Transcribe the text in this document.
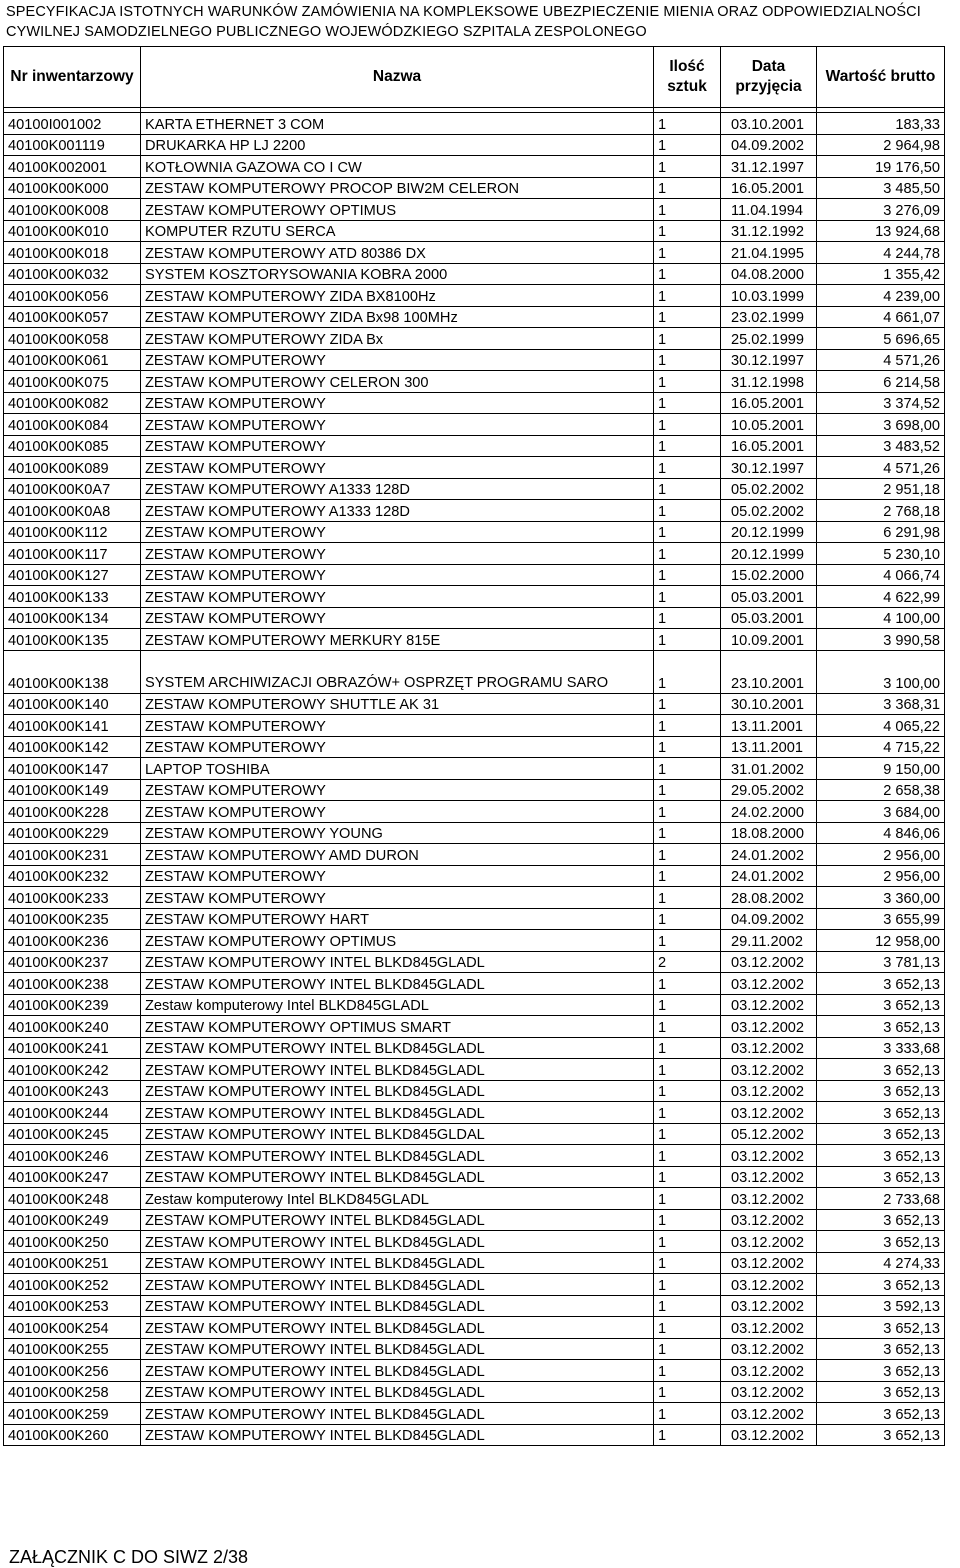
SPECYFIKACJA ISTOTNYCH WARUNKÓW ZAMÓWIENIA NA KOMPLEKSOWE UBEZPIECZENIE MIENIA ORAZ ODPOWIEDZIALNOŚCI
CYWILNEJ SAMODZIELNEGO PUBLICZNEGO WOJEWÓDZKIEGO SZPITALA ZESPOLONEGO
Nr inwentarzowy	Nazwa	Ilość sztuk	Data przyjęcia	Wartość brutto

40100I001002	KARTA ETHERNET 3 COM	1	03.10.2001	183,33
40100K001119	DRUKARKA HP LJ 2200	1	04.09.2002	2 964,98
40100K002001	KOTŁOWNIA GAZOWA CO I CW	1	31.12.1997	19 176,50
40100K00K000	ZESTAW KOMPUTEROWY PROCOP BIW2M CELERON	1	16.05.2001	3 485,50
40100K00K008	ZESTAW KOMPUTEROWY OPTIMUS	1	11.04.1994	3 276,09
40100K00K010	KOMPUTER RZUTU SERCA	1	31.12.1992	13 924,68
40100K00K018	ZESTAW KOMPUTEROWY ATD 80386 DX	1	21.04.1995	4 244,78
40100K00K032	SYSTEM KOSZTORYSOWANIA KOBRA 2000	1	04.08.2000	1 355,42
40100K00K056	ZESTAW KOMPUTEROWY ZIDA BX8100Hz	1	10.03.1999	4 239,00
40100K00K057	ZESTAW KOMPUTEROWY ZIDA Bx98 100MHz	1	23.02.1999	4 661,07
40100K00K058	ZESTAW KOMPUTEROWY ZIDA Bx	1	25.02.1999	5 696,65
40100K00K061	ZESTAW KOMPUTEROWY	1	30.12.1997	4 571,26
40100K00K075	ZESTAW KOMPUTEROWY CELERON 300	1	31.12.1998	6 214,58
40100K00K082	ZESTAW KOMPUTEROWY	1	16.05.2001	3 374,52
40100K00K084	ZESTAW KOMPUTEROWY	1	10.05.2001	3 698,00
40100K00K085	ZESTAW KOMPUTEROWY	1	16.05.2001	3 483,52
40100K00K089	ZESTAW KOMPUTEROWY	1	30.12.1997	4 571,26
40100K00K0A7	ZESTAW KOMPUTEROWY A1333 128D	1	05.02.2002	2 951,18
40100K00K0A8	ZESTAW KOMPUTEROWY A1333 128D	1	05.02.2002	2 768,18
40100K00K112	ZESTAW KOMPUTEROWY	1	20.12.1999	6 291,98
40100K00K117	ZESTAW KOMPUTEROWY	1	20.12.1999	5 230,10
40100K00K127	ZESTAW KOMPUTEROWY	1	15.02.2000	4 066,74
40100K00K133	ZESTAW KOMPUTEROWY	1	05.03.2001	4 622,99
40100K00K134	ZESTAW KOMPUTEROWY	1	05.03.2001	4 100,00
40100K00K135	ZESTAW KOMPUTEROWY MERKURY 815E	1	10.09.2001	3 990,58
40100K00K138	SYSTEM ARCHIWIZACJI OBRAZÓW+ OSPRZĘT PROGRAMU SARO	1	23.10.2001	3 100,00
40100K00K140	ZESTAW KOMPUTEROWY SHUTTLE AK 31	1	30.10.2001	3 368,31
40100K00K141	ZESTAW KOMPUTEROWY	1	13.11.2001	4 065,22
40100K00K142	ZESTAW KOMPUTEROWY	1	13.11.2001	4 715,22
40100K00K147	LAPTOP TOSHIBA	1	31.01.2002	9 150,00
40100K00K149	ZESTAW KOMPUTEROWY	1	29.05.2002	2 658,38
40100K00K228	ZESTAW KOMPUTEROWY	1	24.02.2000	3 684,00
40100K00K229	ZESTAW KOMPUTEROWY YOUNG	1	18.08.2000	4 846,06
40100K00K231	ZESTAW KOMPUTEROWY AMD DURON	1	24.01.2002	2 956,00
40100K00K232	ZESTAW KOMPUTEROWY	1	24.01.2002	2 956,00
40100K00K233	ZESTAW KOMPUTEROWY	1	28.08.2002	3 360,00
40100K00K235	ZESTAW KOMPUTEROWY HART	1	04.09.2002	3 655,99
40100K00K236	ZESTAW KOMPUTEROWY OPTIMUS	1	29.11.2002	12 958,00
40100K00K237	ZESTAW KOMPUTEROWY INTEL BLKD845GLADL	2	03.12.2002	3 781,13
40100K00K238	ZESTAW KOMPUTEROWY INTEL BLKD845GLADL	1	03.12.2002	3 652,13
40100K00K239	Zestaw komputerowy Intel BLKD845GLADL	1	03.12.2002	3 652,13
40100K00K240	ZESTAW KOMPUTEROWY OPTIMUS SMART	1	03.12.2002	3 652,13
40100K00K241	ZESTAW KOMPUTEROWY INTEL BLKD845GLADL	1	03.12.2002	3 333,68
40100K00K242	ZESTAW KOMPUTEROWY INTEL BLKD845GLADL	1	03.12.2002	3 652,13
40100K00K243	ZESTAW KOMPUTEROWY INTEL BLKD845GLADL	1	03.12.2002	3 652,13
40100K00K244	ZESTAW KOMPUTEROWY INTEL BLKD845GLADL	1	03.12.2002	3 652,13
40100K00K245	ZESTAW KOMPUTEROWY INTEL BLKD845GLDAL	1	05.12.2002	3 652,13
40100K00K246	ZESTAW KOMPUTEROWY INTEL BLKD845GLADL	1	03.12.2002	3 652,13
40100K00K247	ZESTAW KOMPUTEROWY INTEL BLKD845GLADL	1	03.12.2002	3 652,13
40100K00K248	Zestaw komputerowy Intel BLKD845GLADL	1	03.12.2002	2 733,68
40100K00K249	ZESTAW KOMPUTEROWY INTEL BLKD845GLADL	1	03.12.2002	3 652,13
40100K00K250	ZESTAW KOMPUTEROWY INTEL BLKD845GLADL	1	03.12.2002	3 652,13
40100K00K251	ZESTAW KOMPUTEROWY INTEL BLKD845GLADL	1	03.12.2002	4 274,33
40100K00K252	ZESTAW KOMPUTEROWY INTEL BLKD845GLADL	1	03.12.2002	3 652,13
40100K00K253	ZESTAW KOMPUTEROWY INTEL BLKD845GLADL	1	03.12.2002	3 592,13
40100K00K254	ZESTAW KOMPUTEROWY INTEL BLKD845GLADL	1	03.12.2002	3 652,13
40100K00K255	ZESTAW KOMPUTEROWY INTEL BLKD845GLADL	1	03.12.2002	3 652,13
40100K00K256	ZESTAW KOMPUTEROWY INTEL BLKD845GLADL	1	03.12.2002	3 652,13
40100K00K258	ZESTAW KOMPUTEROWY INTEL BLKD845GLADL	1	03.12.2002	3 652,13
40100K00K259	ZESTAW KOMPUTEROWY INTEL BLKD845GLADL	1	03.12.2002	3 652,13
40100K00K260	ZESTAW KOMPUTEROWY INTEL BLKD845GLADL	1	03.12.2002	3 652,13
ZAŁĄCZNIK C DO SIWZ 2/38
